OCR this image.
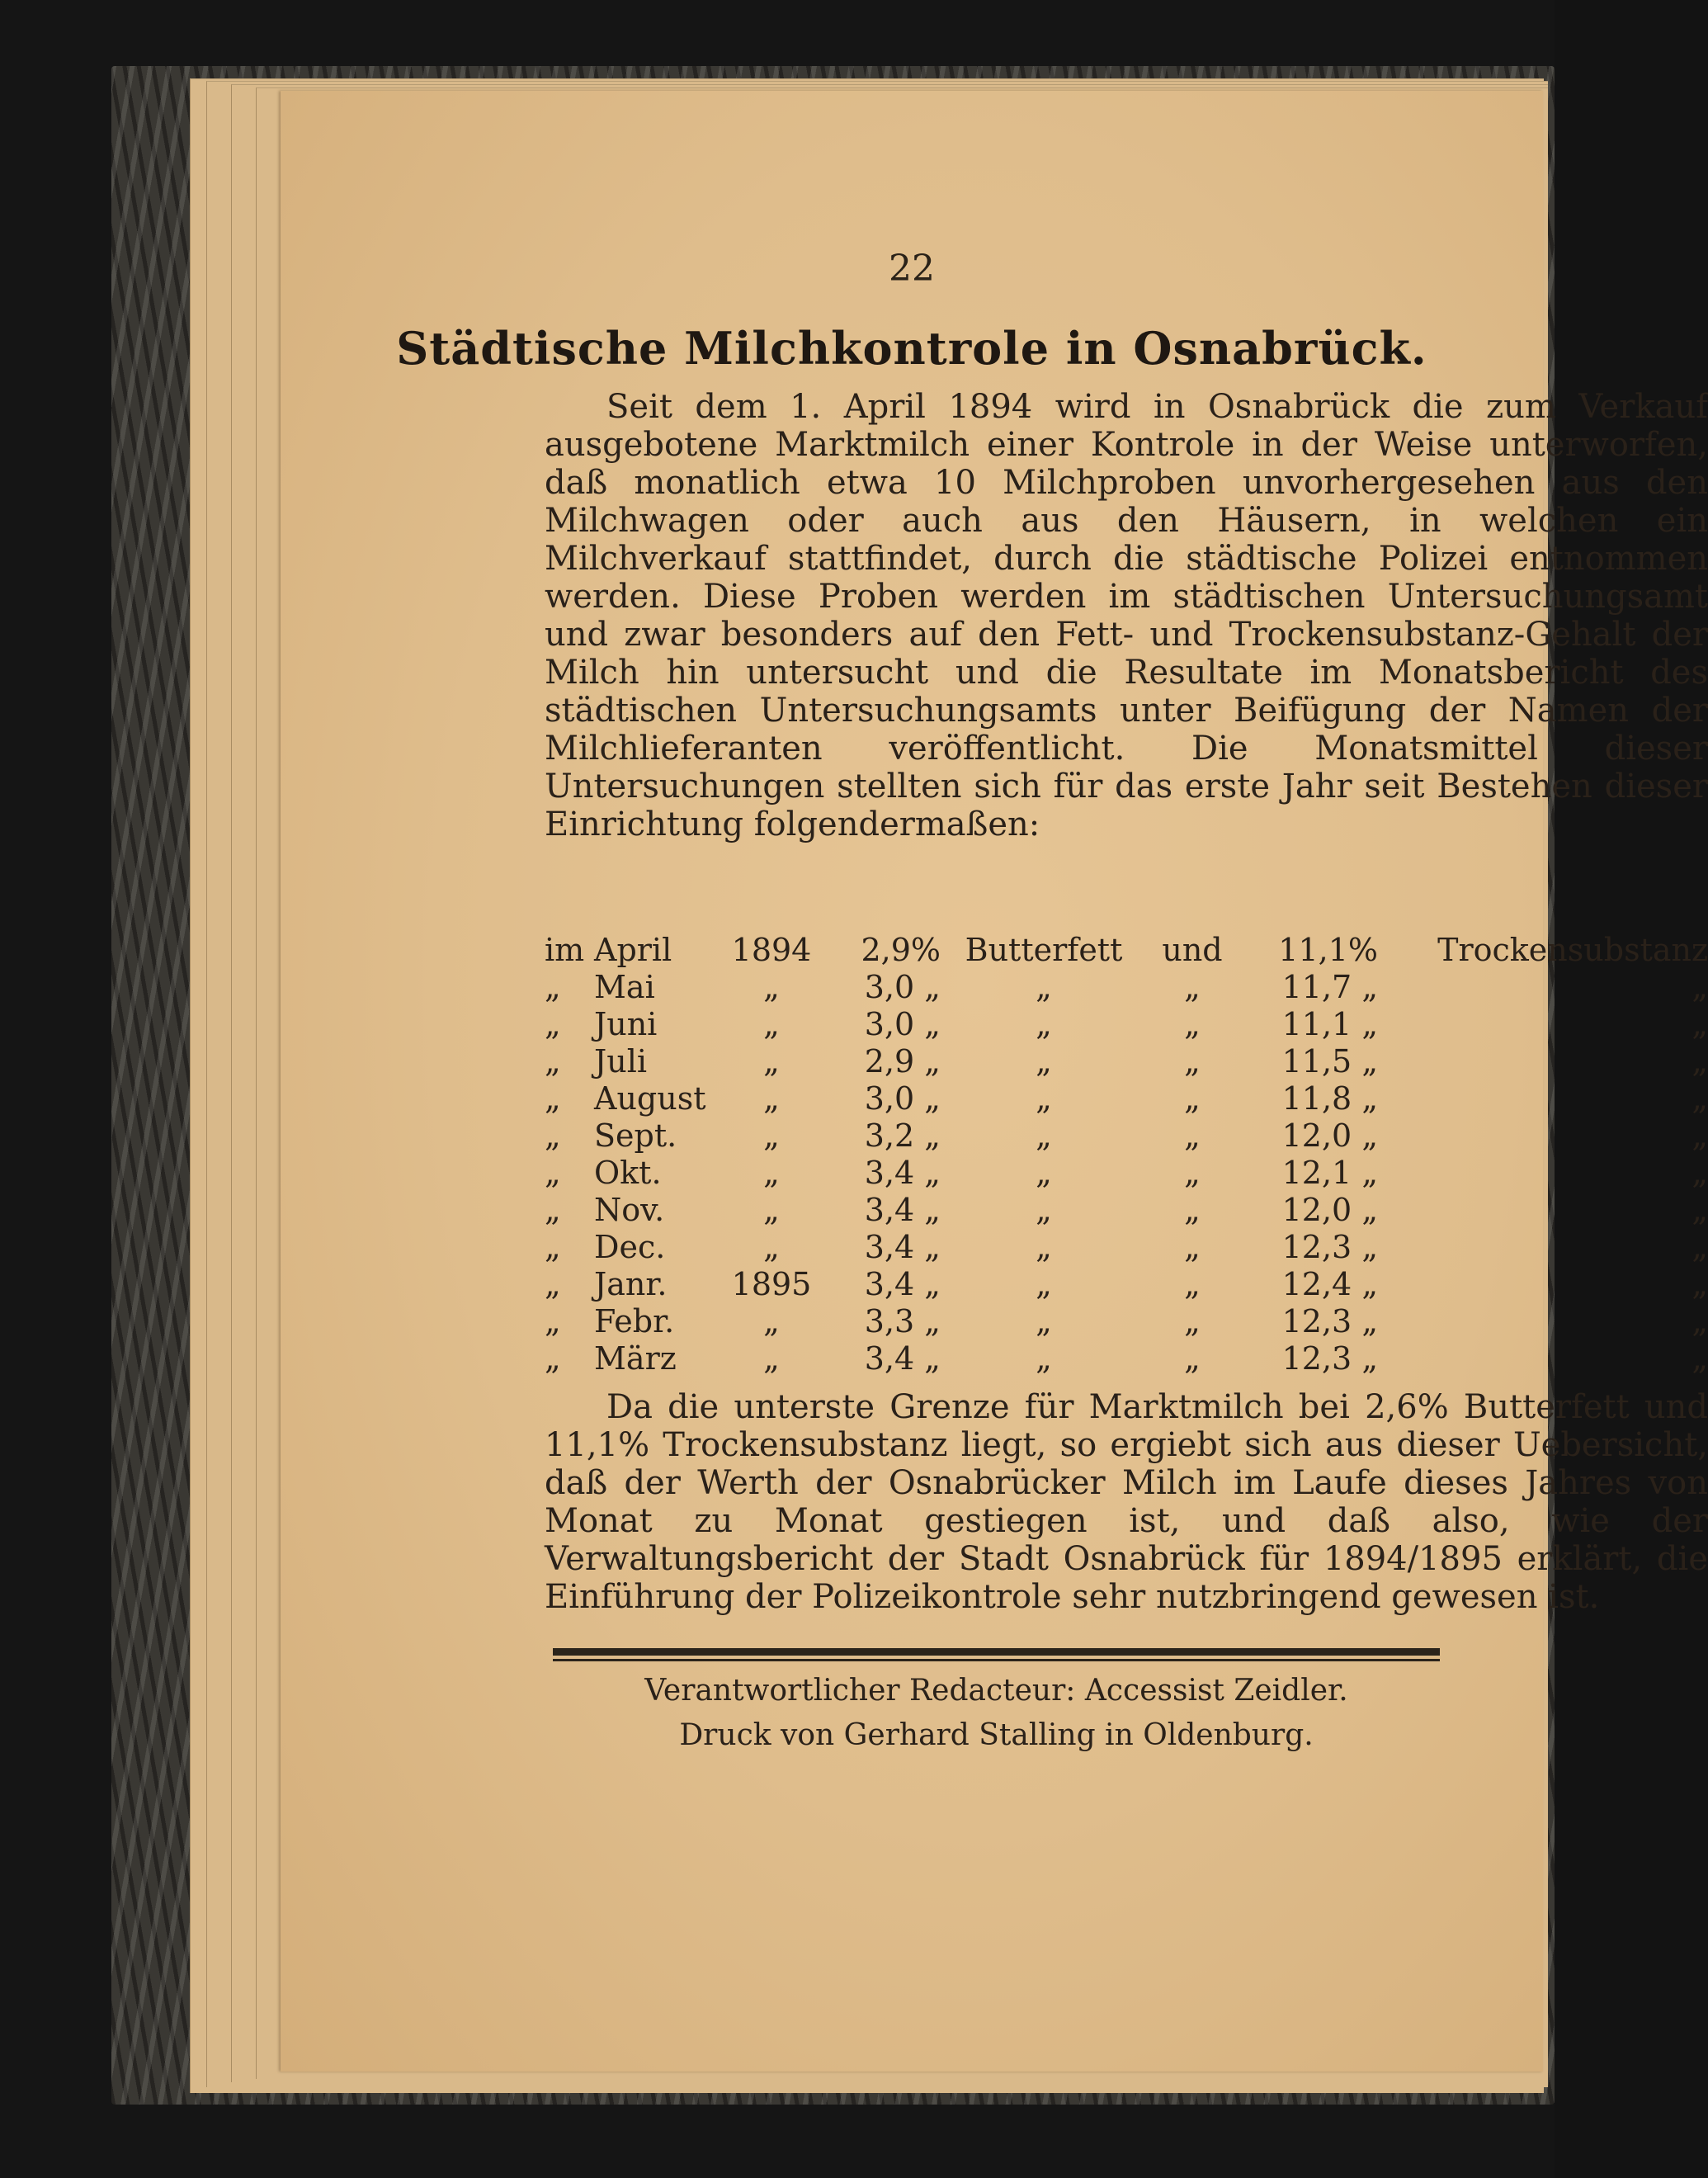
22
Städtische Milchkontrole in Osnabrück.

Seit dem 1. April 1894 wird in Osnabrück die zum Verkauf ausgebotene Marktmilch einer Kontrole in der Weise unterworfen, daß monatlich etwa 10 Milchproben unvorhergesehen aus den Milchwagen oder auch aus den Häusern, in welchen ein Milchverkauf stattfindet, durch die städtische Polizei entnommen werden. Diese Proben werden im städtischen Untersuchungsamt und zwar besonders auf den Fett- und Trockensubstanz-Gehalt der Milch hin untersucht und die Resultate im Monatsbericht des städtischen Untersuchungsamts unter Beifügung der Namen der Milchlieferanten veröffentlicht. Die Monatsmittel dieser Untersuchungen stellten sich für das erste Jahr seit Bestehen dieser Einrichtung folgendermaßen:

im	April	1894	2,9%	Butterfett	und	11,1%	Trockensubstanz
„	Mai	„	3,0 „	„	„	11,7 „	„
„	Juni	„	3,0 „	„	„	11,1 „	„
„	Juli	„	2,9 „	„	„	11,5 „	„
„	August	„	3,0 „	„	„	11,8 „	„
„	Sept.	„	3,2 „	„	„	12,0 „	„
„	Okt.	„	3,4 „	„	„	12,1 „	„
„	Nov.	„	3,4 „	„	„	12,0 „	„
„	Dec.	„	3,4 „	„	„	12,3 „	„
„	Janr.	1895	3,4 „	„	„	12,4 „	„
„	Febr.	„	3,3 „	„	„	12,3 „	„
„	März	„	3,4 „	„	„	12,3 „	„

Da die unterste Grenze für Marktmilch bei 2,6% Butterfett und 11,1% Trockensubstanz liegt, so ergiebt sich aus dieser Uebersicht, daß der Werth der Osnabrücker Milch im Laufe dieses Jahres von Monat zu Monat gestiegen ist, und daß also, wie der Verwaltungsbericht der Stadt Osnabrück für 1894/1895 erklärt, die Einführung der Polizeikontrole sehr nutzbringend gewesen ist.

Verantwortlicher Redacteur: Accessist Zeidler.
Druck von Gerhard Stalling in Oldenburg.
